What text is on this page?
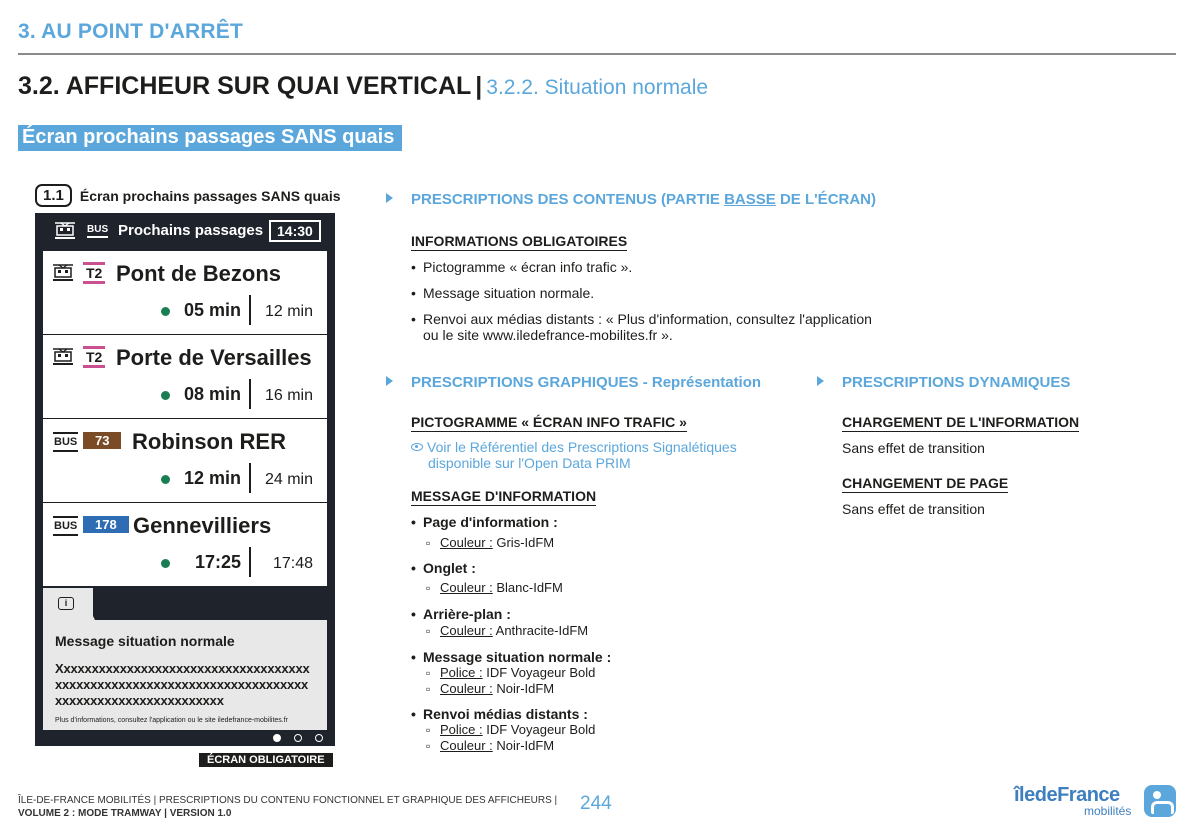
3. AU POINT D'ARRÊT
3.2. AFFICHEUR SUR QUAI VERTICAL | 3.2.2. Situation normale
Écran prochains passages SANS quais
1.1	Écran prochains passages SANS quais
BUS Prochains passages 14:30
T2 Pont de Bezons
05 min 12 min
T2 Porte de Versailles
08 min 16 min
BUS	73	Robinson RER
12 min 24 min
BUS	178 Gennevilliers
17:25 17:48
i
Message situation normale
Xxxxxxxxxxxxxxxxxxxxxxxxxxxxxxxxxxxxxxxxxxxxxxxxxxxxxxxxxxxxxxxxxxxxxxxxxxxxxxxxxxxxxxxxxxxxxxxx
Plus d'informations, consultez l'application ou le site iledefrance-mobilites.fr
ÉCRAN OBLIGATOIRE
PRESCRIPTIONS DES CONTENUS (PARTIE BASSE DE L'ÉCRAN)
INFORMATIONS OBLIGATOIRES
• Pictogramme « écran info trafic ».
• Message situation normale.
• Renvoi aux médias distants : « Plus d'information, consultez l'application
ou le site www.iledefrance-mobilites.fr ».
PRESCRIPTIONS GRAPHIQUES - Représentation
PICTOGRAMME « ÉCRAN INFO TRAFIC »
Voir le Référentiel des Prescriptions Signalétiques
disponible sur l'Open Data PRIM
MESSAGE D'INFORMATION
• Page d'information :
▫ Couleur : Gris-IdFM
• Onglet :
▫ Couleur : Blanc-IdFM
• Arrière-plan :
▫ Couleur : Anthracite-IdFM
• Message situation normale :
▫ Police : IDF Voyageur Bold
▫ Couleur : Noir-IdFM
• Renvoi médias distants :
▫ Police : IDF Voyageur Bold
▫ Couleur : Noir-IdFM
PRESCRIPTIONS DYNAMIQUES
CHARGEMENT DE L'INFORMATION
Sans effet de transition
CHANGEMENT DE PAGE
Sans effet de transition
ÎLE-DE-FRANCE MOBILITÉS | PRESCRIPTIONS DU CONTENU FONCTIONNEL ET GRAPHIQUE DES AFFICHEURS |
VOLUME 2 : MODE TRAMWAY | VERSION 1.0	244	îledeFrance
mobilités
